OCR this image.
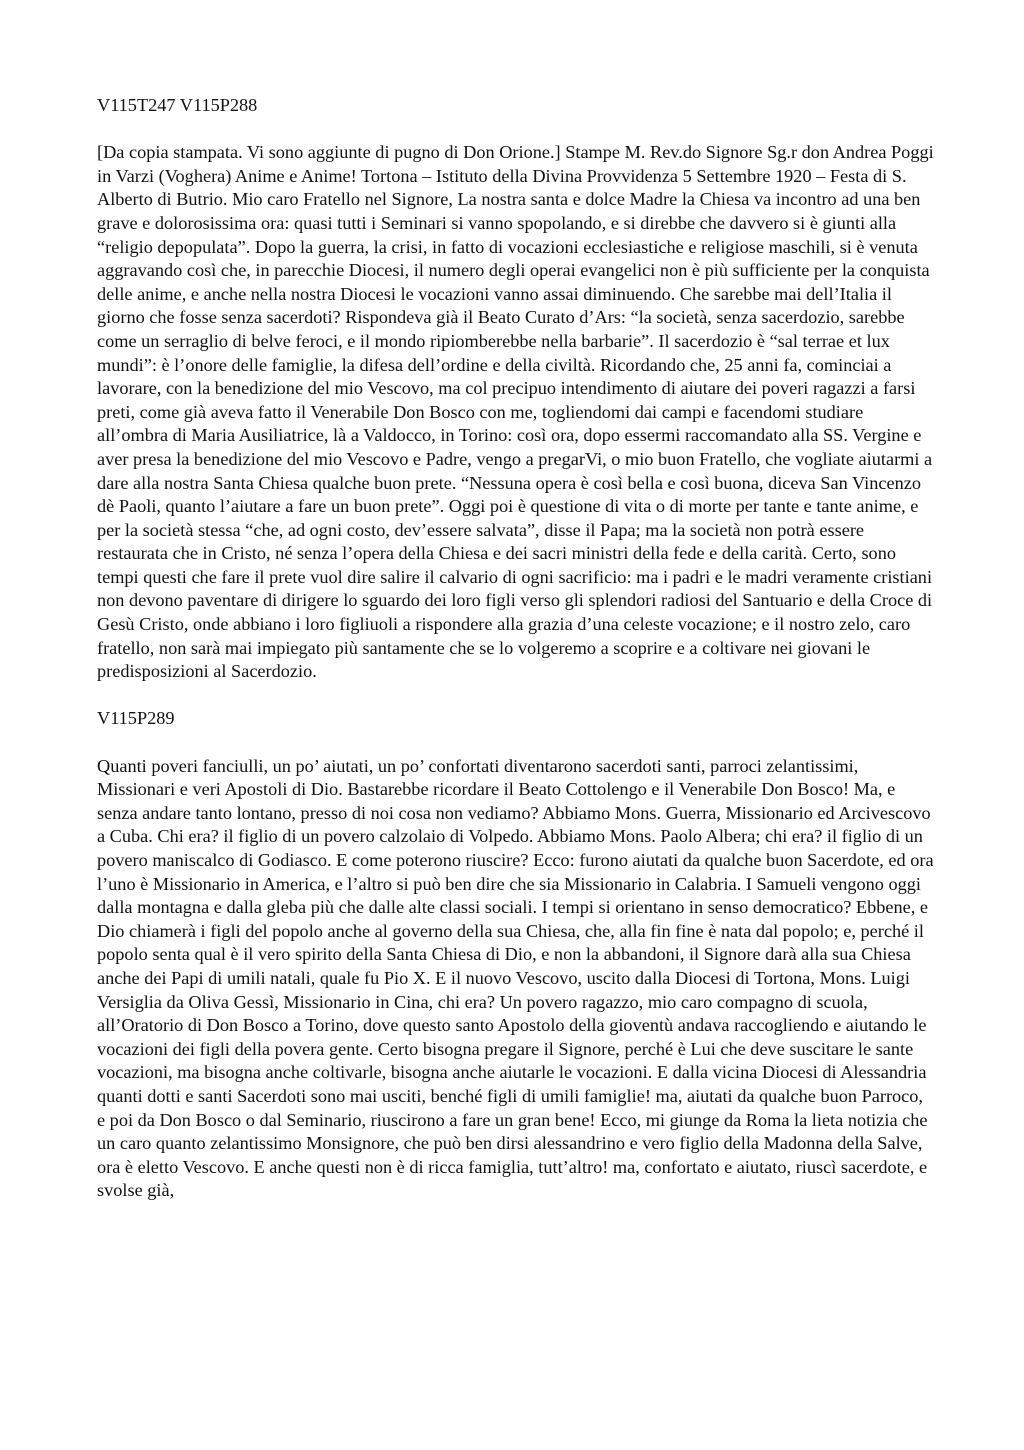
V115T247 V115P288

[Da copia stampata. Vi sono aggiunte di pugno di Don Orione.] Stampe M. Rev.do Signore Sg.r don Andrea Poggi in Varzi (Voghera) Anime e Anime! Tortona – Istituto della Divina Provvidenza 5 Settembre 1920 – Festa di S. Alberto di Butrio. Mio caro Fratello nel Signore, La nostra santa e dolce Madre la Chiesa va incontro ad una ben grave e dolorosissima ora: quasi tutti i Seminari si vanno spopolando, e si direbbe che davvero si è giunti alla “religio depopulata”. Dopo la guerra, la crisi, in fatto di vocazioni ecclesiastiche e religiose maschili, si è venuta aggravando così che, in parecchie Diocesi, il numero degli operai evangelici non è più sufficiente per la conquista delle anime, e anche nella nostra Diocesi le vocazioni vanno assai diminuendo. Che sarebbe mai dell’Italia il giorno che fosse senza sacerdoti? Rispondeva già il Beato Curato d’Ars: “la società, senza sacerdozio, sarebbe come un serraglio di belve feroci, e il mondo ripiomberebbe nella barbarie”. Il sacerdozio è “sal terrae et lux mundi”: è l’onore delle famiglie, la difesa dell’ordine e della civiltà. Ricordando che, 25 anni fa, cominciai a lavorare, con la benedizione del mio Vescovo, ma col precipuo intendimento di aiutare dei poveri ragazzi a farsi preti, come già aveva fatto il Venerabile Don Bosco con me, togliendomi dai campi e facendomi studiare all’ombra di Maria Ausiliatrice, là a Valdocco, in Torino: così ora, dopo essermi raccomandato alla SS. Vergine e aver presa la benedizione del mio Vescovo e Padre, vengo a pregarVi, o mio buon Fratello, che vogliate aiutarmi a dare alla nostra Santa Chiesa qualche buon prete. “Nessuna opera è così bella e così buona, diceva San Vincenzo dè Paoli, quanto l’aiutare a fare un buon prete”. Oggi poi è questione di vita o di morte per tante e tante anime, e per la società stessa “che, ad ogni costo, dev’essere salvata”, disse il Papa; ma la società non potrà essere restaurata che in Cristo, né senza l’opera della Chiesa e dei sacri ministri della fede e della carità. Certo, sono tempi questi che fare il prete vuol dire salire il calvario di ogni sacrificio: ma i padri e le madri veramente cristiani non devono paventare di dirigere lo sguardo dei loro figli verso gli splendori radiosi del Santuario e della Croce di Gesù Cristo, onde abbiano i loro figliuoli a rispondere alla grazia d’una celeste vocazione; e il nostro zelo, caro fratello, non sarà mai impiegato più santamente che se lo volgeremo a scoprire e a coltivare nei giovani le predisposizioni al Sacerdozio.

V115P289

Quanti poveri fanciulli, un po’ aiutati, un po’ confortati diventarono sacerdoti santi, parroci zelantissimi, Missionari e veri Apostoli di Dio. Bastarebbe ricordare il Beato Cottolengo e il Venerabile Don Bosco! Ma, e senza andare tanto lontano, presso di noi cosa non vediamo? Abbiamo Mons. Guerra, Missionario ed Arcivescovo a Cuba. Chi era? il figlio di un povero calzolaio di Volpedo. Abbiamo Mons. Paolo Albera; chi era? il figlio di un povero maniscalco di Godiasco. E come poterono riuscire? Ecco: furono aiutati da qualche buon Sacerdote, ed ora l’uno è Missionario in America, e l’altro si può ben dire che sia Missionario in Calabria. I Samueli vengono oggi dalla montagna e dalla gleba più che dalle alte classi sociali. I tempi si orientano in senso democratico? Ebbene, e Dio chiamerà i figli del popolo anche al governo della sua Chiesa, che, alla fin fine è nata dal popolo; e, perché il popolo senta qual è il vero spirito della Santa Chiesa di Dio, e non la abbandoni, il Signore darà alla sua Chiesa anche dei Papi di umili natali, quale fu Pio X. E il nuovo Vescovo, uscito dalla Diocesi di Tortona, Mons. Luigi Versiglia da Oliva Gessì, Missionario in Cina, chi era? Un povero ragazzo, mio caro compagno di scuola, all’Oratorio di Don Bosco a Torino, dove questo santo Apostolo della gioventù andava raccogliendo e aiutando le vocazioni dei figli della povera gente. Certo bisogna pregare il Signore, perché è Lui che deve suscitare le sante vocazioni, ma bisogna anche coltivarle, bisogna anche aiutarle le vocazioni. E dalla vicina Diocesi di Alessandria quanti dotti e santi Sacerdoti sono mai usciti, benché figli di umili famiglie! ma, aiutati da qualche buon Parroco, e poi da Don Bosco o dal Seminario, riuscirono a fare un gran bene! Ecco, mi giunge da Roma la lieta notizia che un caro quanto zelantissimo Monsignore, che può ben dirsi alessandrino e vero figlio della Madonna della Salve, ora è eletto Vescovo. E anche questi non è di ricca famiglia, tutt’altro! ma, confortato e aiutato, riuscì sacerdote, e svolse già,
